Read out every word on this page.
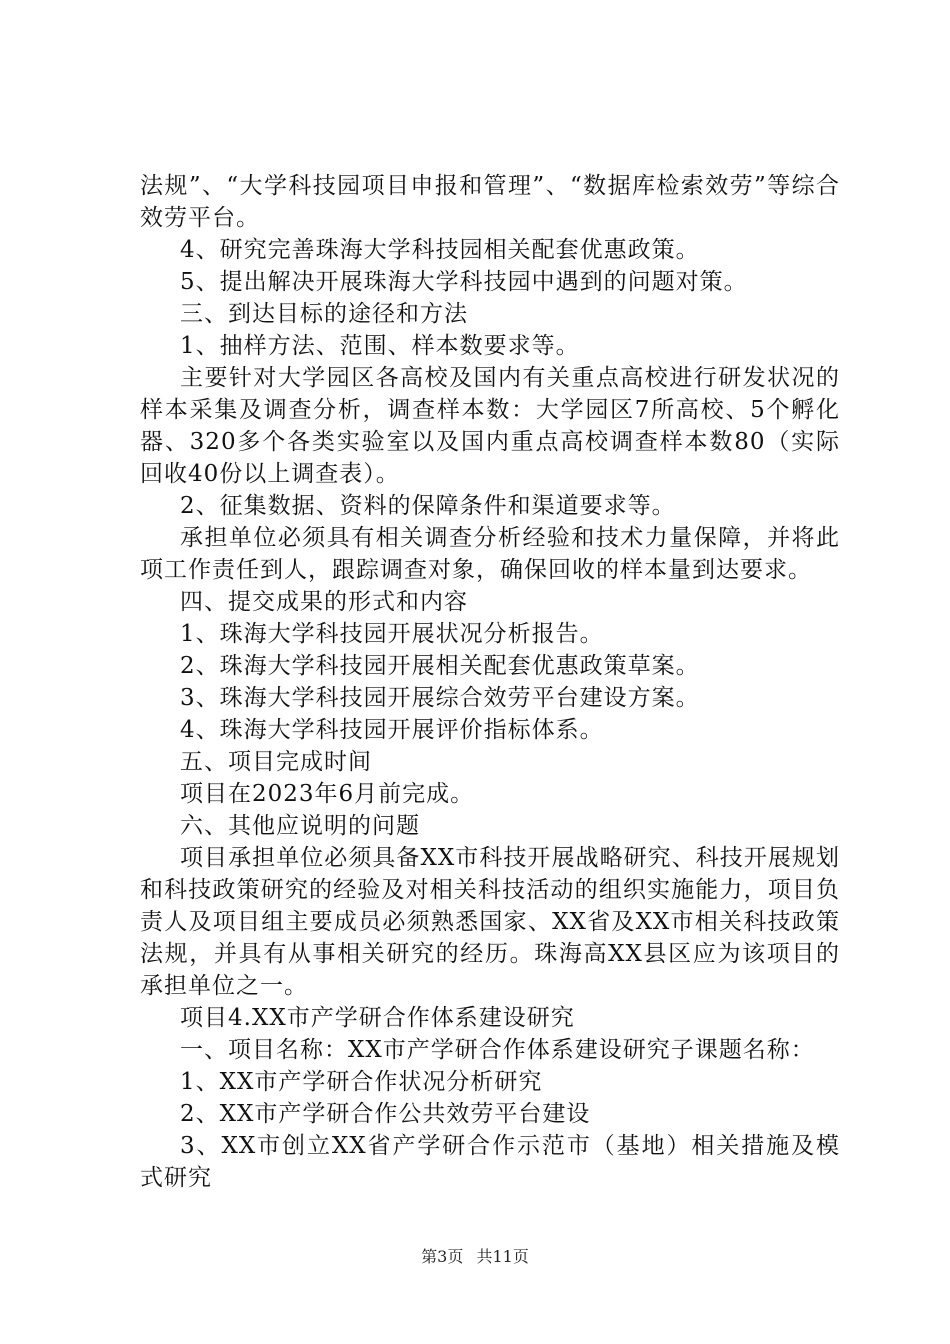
法规”、“大学科技园项目申报和管理”、“数据库检索效劳”等综合效劳平台。

4、研究完善珠海大学科技园相关配套优惠政策。

5、提出解决开展珠海大学科技园中遇到的问题对策。

三、到达目标的途径和方法

1、抽样方法、范围、样本数要求等。

主要针对大学园区各高校及国内有关重点高校进行研发状况的样本采集及调查分析，调查样本数：大学园区7所高校、5个孵化器、320多个各类实验室以及国内重点高校调查样本数80（实际回收40份以上调查表）。

2、征集数据、资料的保障条件和渠道要求等。

承担单位必须具有相关调查分析经验和技术力量保障，并将此项工作责任到人，跟踪调查对象，确保回收的样本量到达要求。

四、提交成果的形式和内容

1、珠海大学科技园开展状况分析报告。

2、珠海大学科技园开展相关配套优惠政策草案。

3、珠海大学科技园开展综合效劳平台建设方案。

4、珠海大学科技园开展评价指标体系。

五、项目完成时间

项目在2023年6月前完成。

六、其他应说明的问题

项目承担单位必须具备XX市科技开展战略研究、科技开展规划和科技政策研究的经验及对相关科技活动的组织实施能力，项目负责人及项目组主要成员必须熟悉国家、XX省及XX市相关科技政策法规，并具有从事相关研究的经历。珠海高XX县区应为该项目的承担单位之一。

项目4.XX市产学研合作体系建设研究

一、项目名称：XX市产学研合作体系建设研究子课题名称：

1、XX市产学研合作状况分析研究

2、XX市产学研合作公共效劳平台建设

3、XX市创立XX省产学研合作示范市（基地）相关措施及模式研究

第3页 共11页
